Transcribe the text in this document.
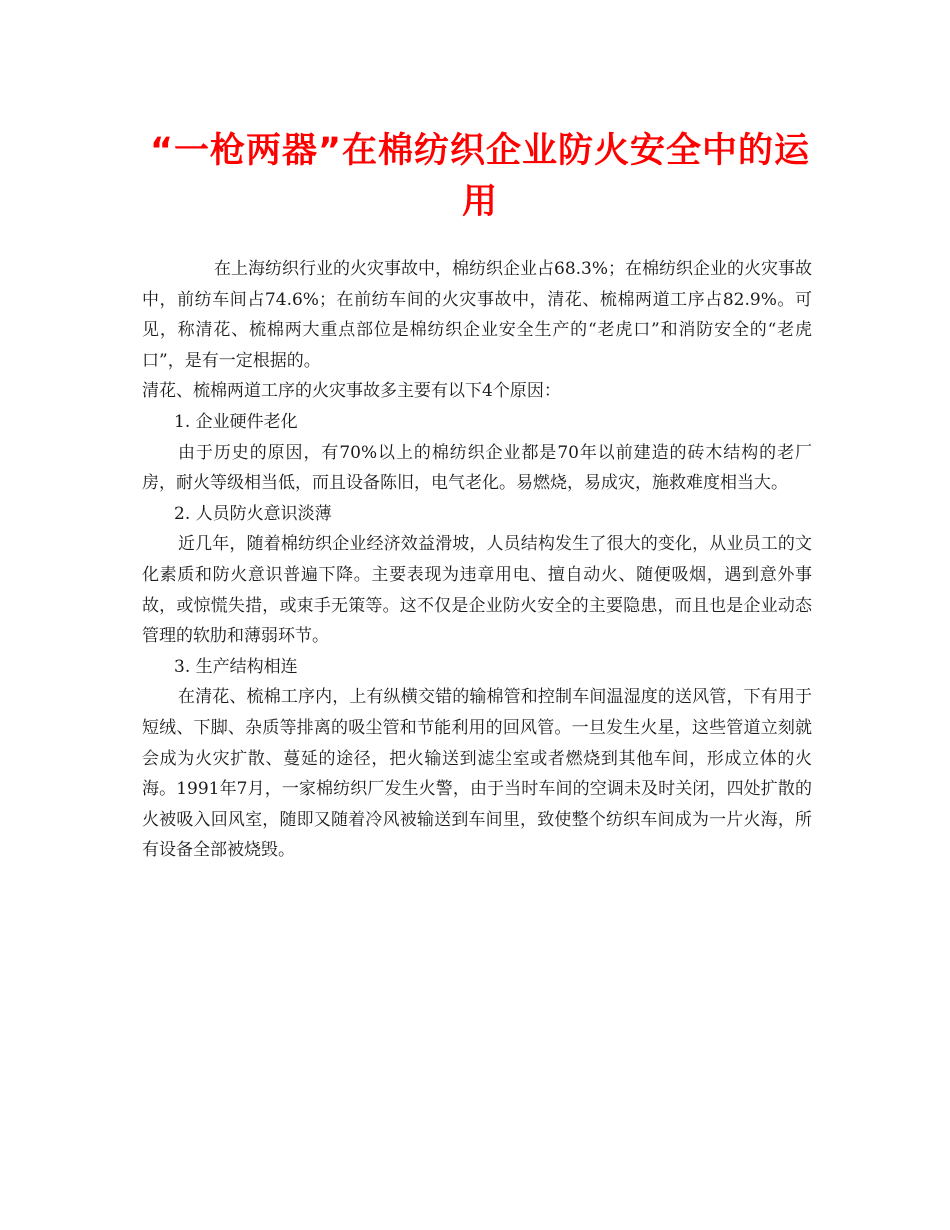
“一枪两器”在棉纺织企业防火安全中的运用

在上海纺织行业的火灾事故中，棉纺织企业占68.3%；在棉纺织企业的火灾事故中，前纺车间占74.6%；在前纺车间的火灾事故中，清花、梳棉两道工序占82.9%。可见，称清花、梳棉两大重点部位是棉纺织企业安全生产的“老虎口”和消防安全的“老虎口”，是有一定根据的。

清花、梳棉两道工序的火灾事故多主要有以下4个原因：

1. 企业硬件老化

由于历史的原因，有70%以上的棉纺织企业都是70年以前建造的砖木结构的老厂房，耐火等级相当低，而且设备陈旧，电气老化。易燃烧，易成灾，施救难度相当大。

2. 人员防火意识淡薄

近几年，随着棉纺织企业经济效益滑坡，人员结构发生了很大的变化，从业员工的文化素质和防火意识普遍下降。主要表现为违章用电、擅自动火、随便吸烟，遇到意外事故，或惊慌失措，或束手无策等。这不仅是企业防火安全的主要隐患，而且也是企业动态管理的软肋和薄弱环节。

3. 生产结构相连

在清花、梳棉工序内，上有纵横交错的输棉管和控制车间温湿度的送风管，下有用于短绒、下脚、杂质等排离的吸尘管和节能利用的回风管。一旦发生火星，这些管道立刻就会成为火灾扩散、蔓延的途径，把火输送到滤尘室或者燃烧到其他车间，形成立体的火海。1991年7月，一家棉纺织厂发生火警，由于当时车间的空调未及时关闭，四处扩散的火被吸入回风室，随即又随着冷风被输送到车间里，致使整个纺织车间成为一片火海，所有设备全部被烧毁。
